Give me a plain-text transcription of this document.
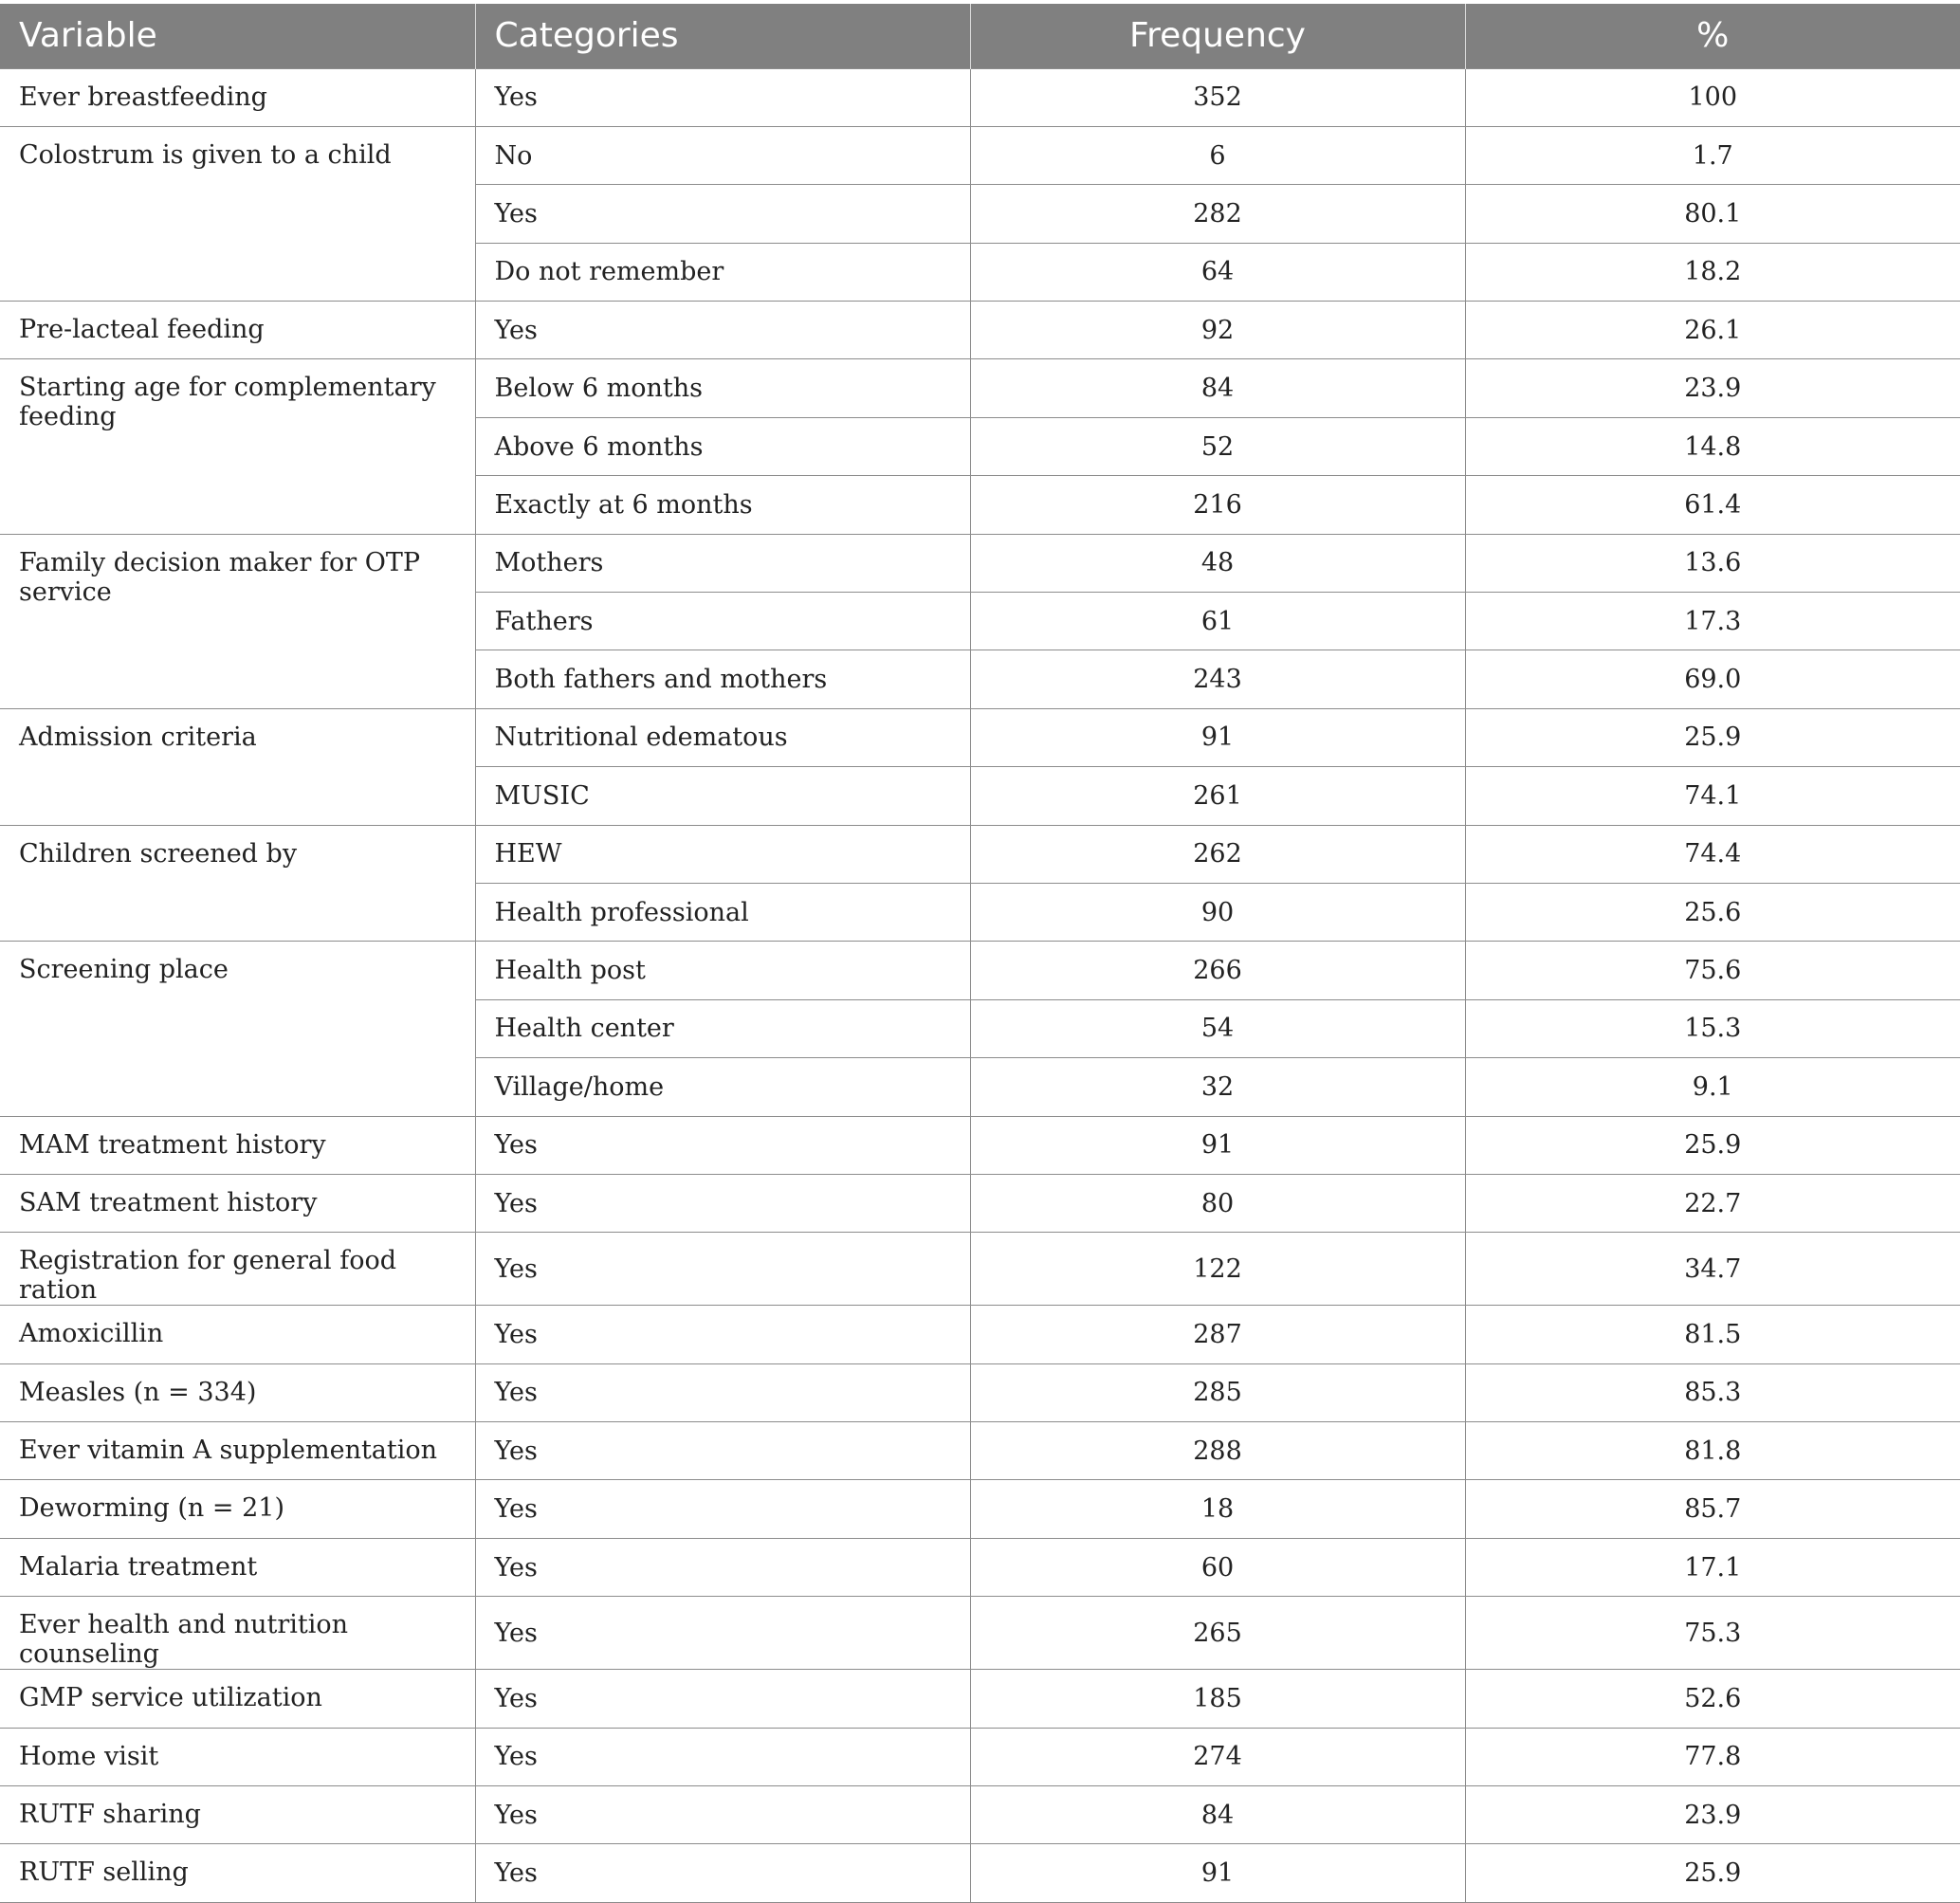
Variable	Categories	Frequency	%
Ever breastfeeding	Yes	352	100
Colostrum is given to a child	No	6	1.7
	Yes	282	80.1
	Do not remember	64	18.2
Pre-lacteal feeding	Yes	92	26.1
Starting age for complementary feeding	Below 6 months	84	23.9
	Above 6 months	52	14.8
	Exactly at 6 months	216	61.4
Family decision maker for OTP service	Mothers	48	13.6
	Fathers	61	17.3
	Both fathers and mothers	243	69.0
Admission criteria	Nutritional edematous	91	25.9
	MUSIC	261	74.1
Children screened by	HEW	262	74.4
	Health professional	90	25.6
Screening place	Health post	266	75.6
	Health center	54	15.3
	Village/home	32	9.1
MAM treatment history	Yes	91	25.9
SAM treatment history	Yes	80	22.7
Registration for general food ration	Yes	122	34.7
Amoxicillin	Yes	287	81.5
Measles (n = 334)	Yes	285	85.3
Ever vitamin A supplementation	Yes	288	81.8
Deworming (n = 21)	Yes	18	85.7
Malaria treatment	Yes	60	17.1
Ever health and nutrition counseling	Yes	265	75.3
GMP service utilization	Yes	185	52.6
Home visit	Yes	274	77.8
RUTF sharing	Yes	84	23.9
RUTF selling	Yes	91	25.9
